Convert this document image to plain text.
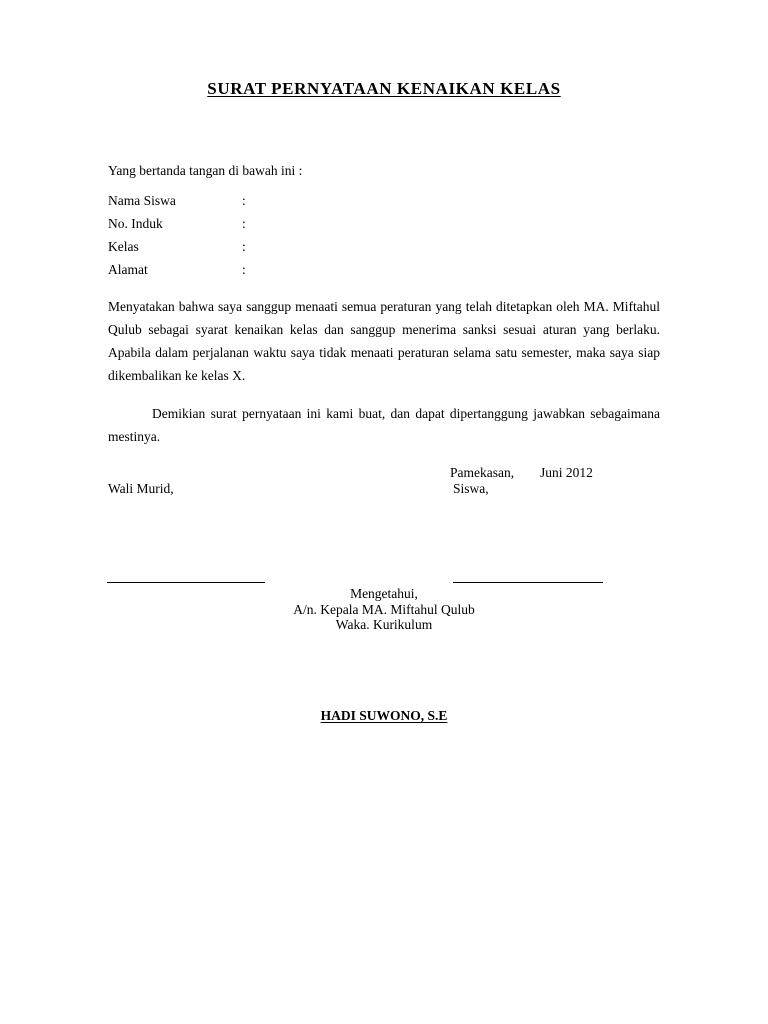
SURAT PERNYATAAN KENAIKAN KELAS
Yang bertanda tangan di bawah ini :
Nama Siswa	:
No. Induk	:
Kelas	:
Alamat	:
Menyatakan bahwa saya sanggup menaati semua peraturan yang telah ditetapkan oleh MA. Miftahul Qulub sebagai syarat kenaikan kelas dan sanggup menerima sanksi sesuai aturan yang berlaku. Apabila dalam perjalanan waktu saya tidak menaati peraturan selama satu semester, maka saya siap dikembalikan ke kelas X.
Demikian surat pernyataan ini kami buat, dan dapat dipertanggung jawabkan sebagaimana mestinya.
Pamekasan, Juni 2012
Wali Murid,	Siswa,
Mengetahui,
A/n. Kepala MA. Miftahul Qulub
Waka. Kurikulum
HADI SUWONO, S.E
